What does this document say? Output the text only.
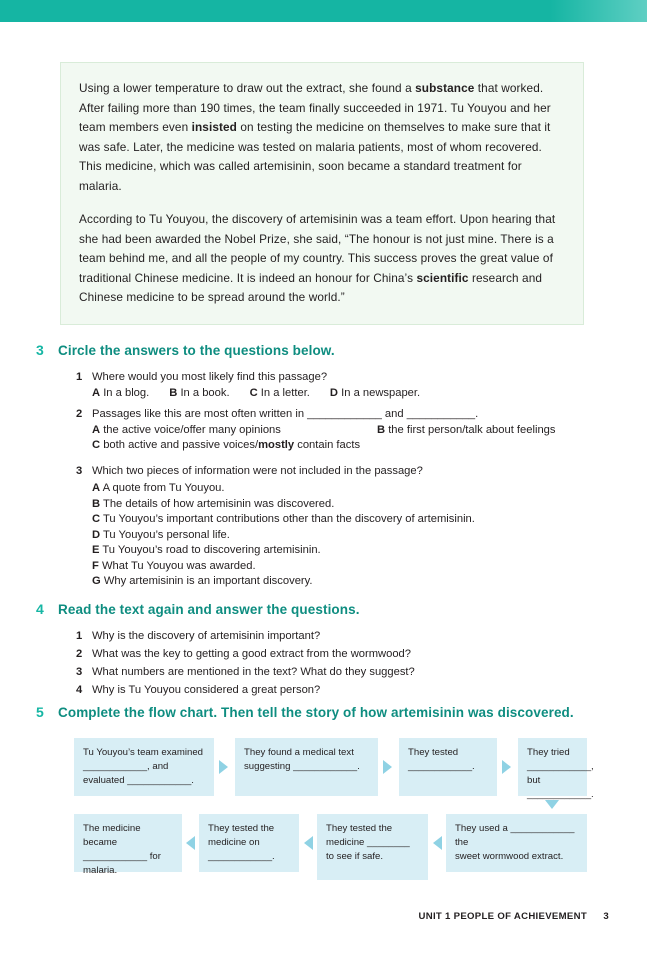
Using a lower temperature to draw out the extract, she found a substance that worked. After failing more than 190 times, the team finally succeeded in 1971. Tu Youyou and her team members even insisted on testing the medicine on themselves to make sure that it was safe. Later, the medicine was tested on malaria patients, most of whom recovered. This medicine, which was called artemisinin, soon became a standard treatment for malaria.

According to Tu Youyou, the discovery of artemisinin was a team effort. Upon hearing that she had been awarded the Nobel Prize, she said, “The honour is not just mine. There is a team behind me, and all the people of my country. This success proves the great value of traditional Chinese medicine. It is indeed an honour for China’s scientific research and Chinese medicine to be spread around the world.”

3	Circle the answers to the questions below.
1 Where would you most likely find this passage?
A In a blog. B In a book. C In a letter. D In a newspaper.
2 Passages like this are most often written in ____________ and ___________.
A the active voice/offer many opinions	B the first person/talk about feelings
C both active and passive voices/mostly contain facts
3 Which two pieces of information were not included in the passage?
A A quote from Tu Youyou.
B The details of how artemisinin was discovered.
C Tu Youyou’s important contributions other than the discovery of artemisinin.
D Tu Youyou’s personal life.
E Tu Youyou’s road to discovering artemisinin.
F What Tu Youyou was awarded.
G Why artemisinin is an important discovery.
4	Read the text again and answer the questions.
1 Why is the discovery of artemisinin important?
2 What was the key to getting a good extract from the wormwood?
3 What numbers are mentioned in the text? What do they suggest?
4 Why is Tu Youyou considered a great person?
5	Complete the flow chart. Then tell the story of how artemisinin was discovered.
Tu Youyou’s team examined
____________, and
evaluated ____________.
They found a medical text
suggesting ____________.
They tested
____________.
They tried
____________,
but ____________.
They used a ____________ the
sweet wormwood extract.
They tested the
medicine ________
to see if safe.
They tested the
medicine on
____________.
The medicine became
____________ for
malaria.
UNIT 1 PEOPLE OF ACHIEVEMENT 3
